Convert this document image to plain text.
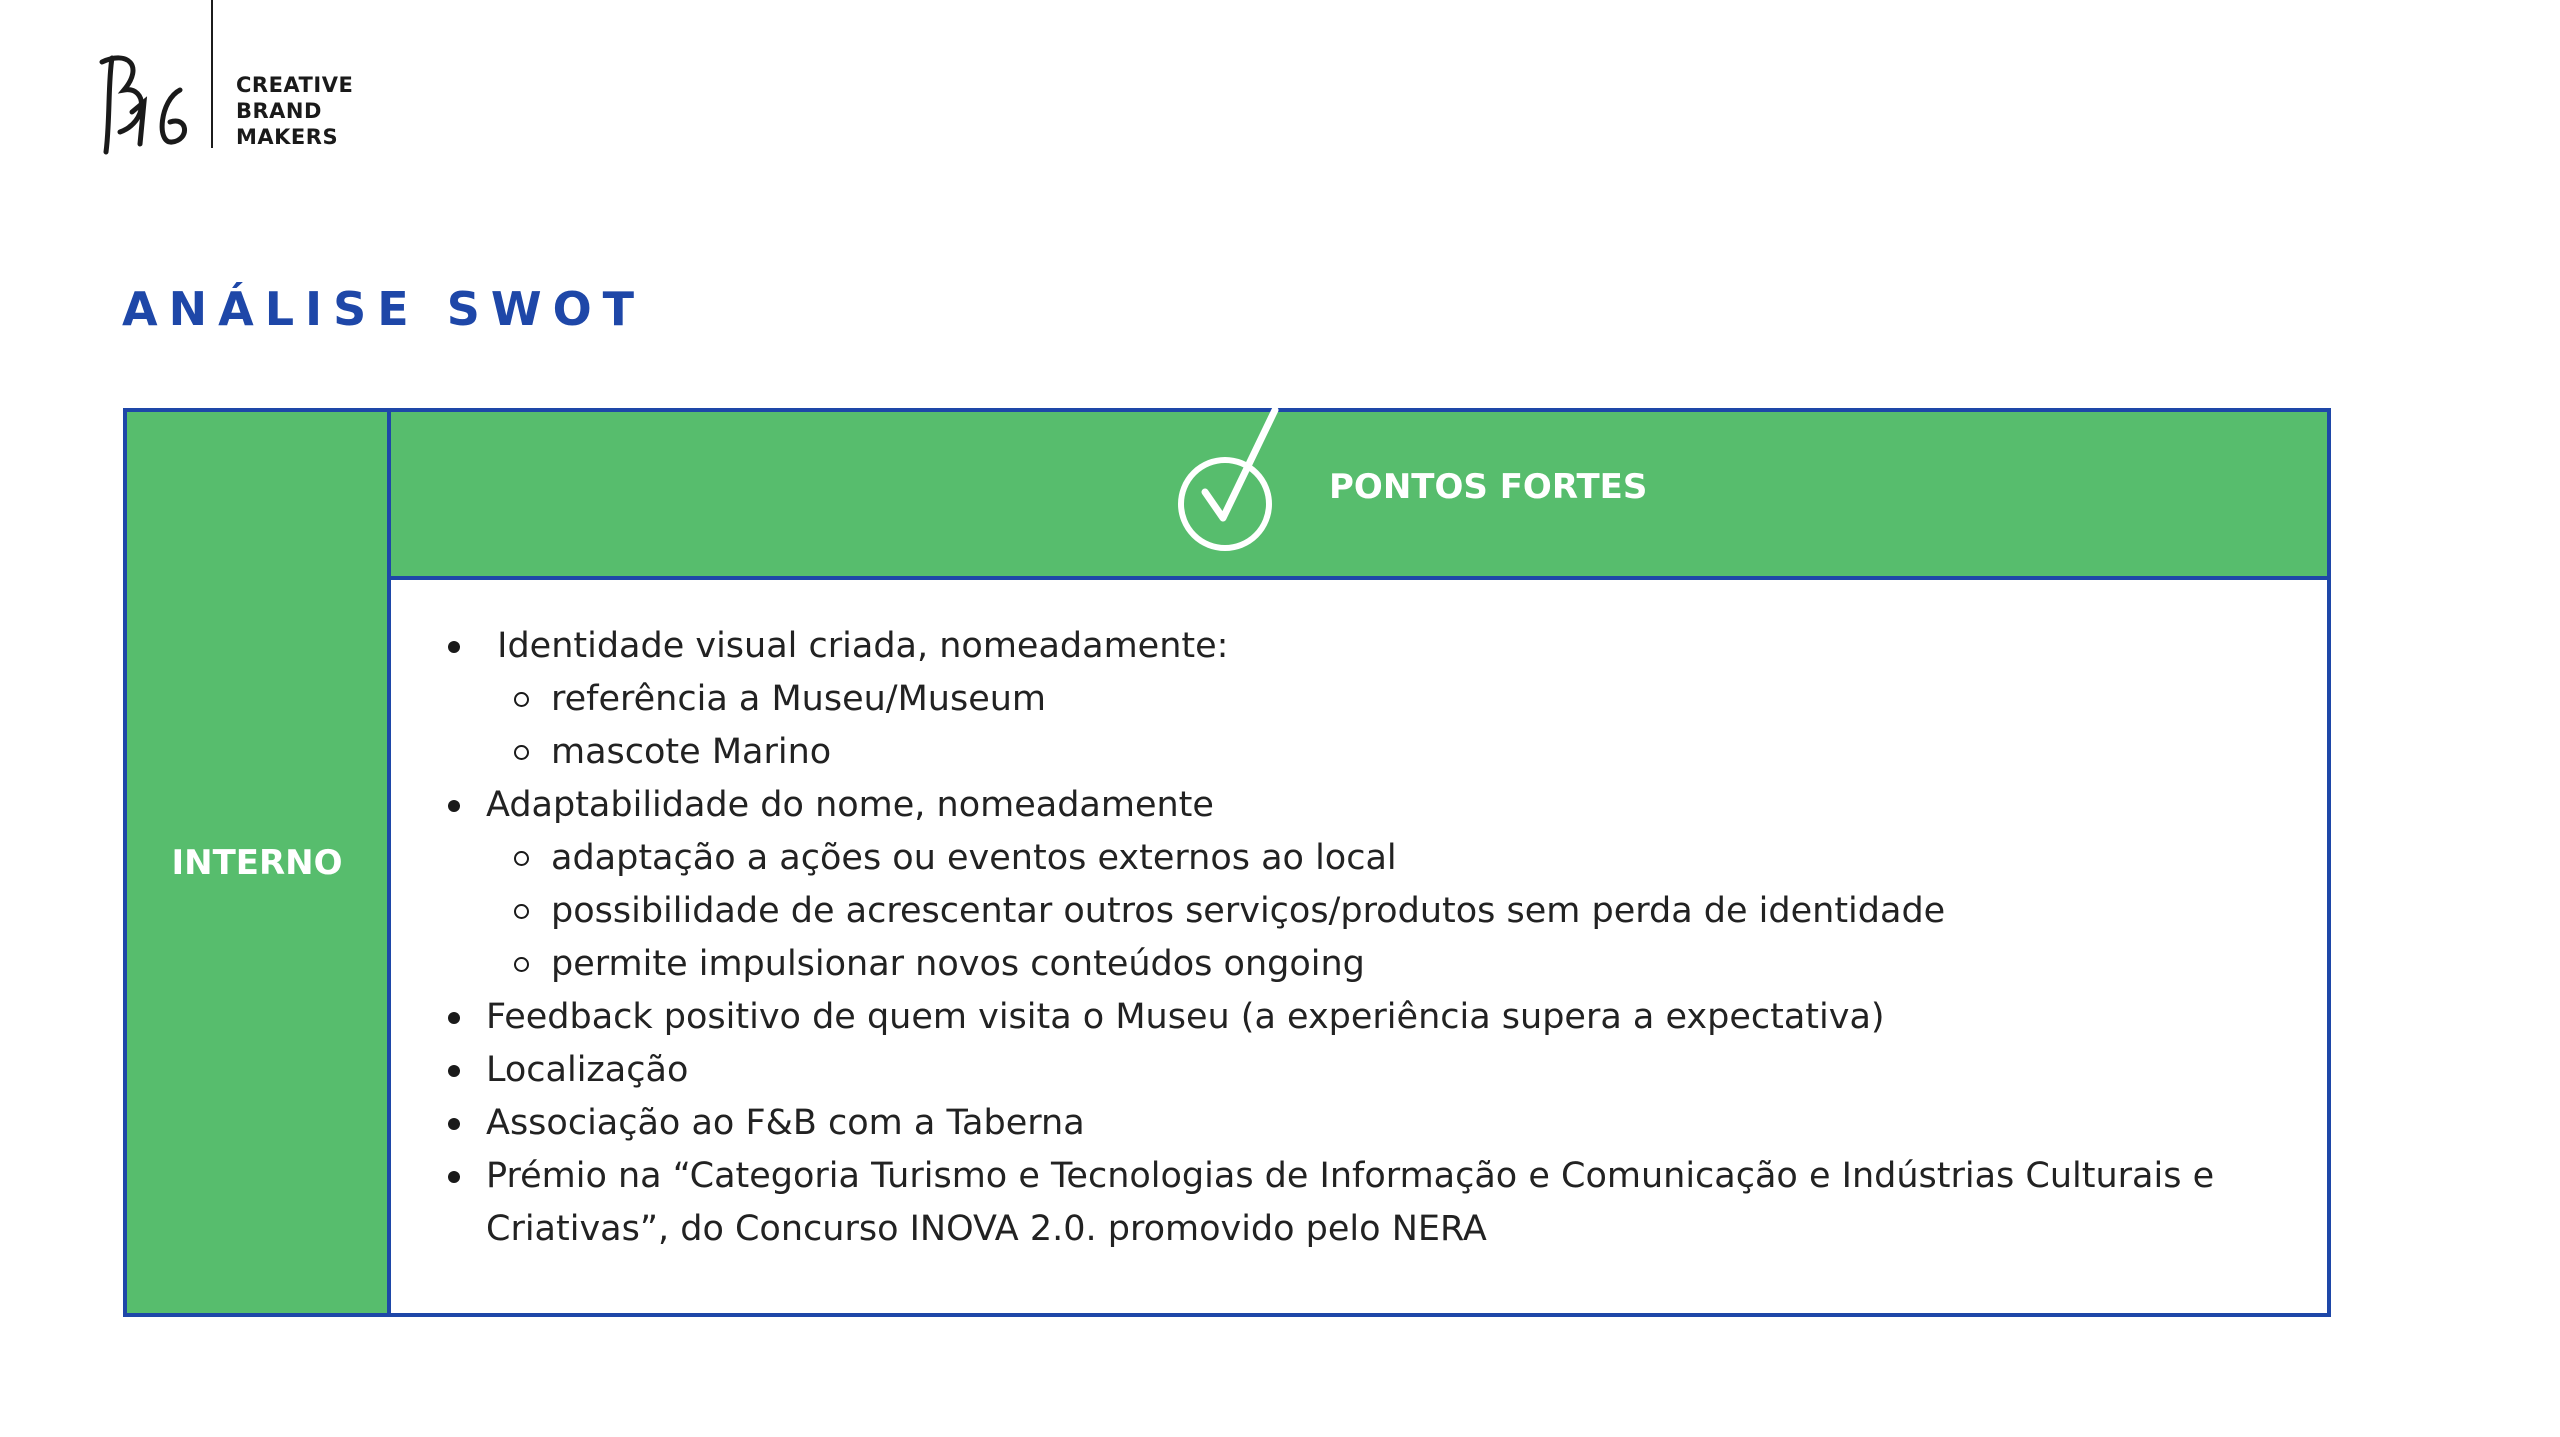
CREATIVE
BRAND
MAKERS
ANÁLISE SWOT
INTERNO
PONTOS FORTES
Identidade visual criada, nomeadamente:
referência a Museu/Museum
mascote Marino
Adaptabilidade do nome, nomeadamente
adaptação a ações ou eventos externos ao local
possibilidade de acrescentar outros serviços/produtos sem perda de identidade
permite impulsionar novos conteúdos ongoing
Feedback positivo de quem visita o Museu (a experiência supera a expectativa)
Localização
Associação ao F&B com a Taberna
Prémio na “Categoria Turismo e Tecnologias de Informação e Comunicação e Indústrias Culturais e Criativas”, do Concurso INOVA 2.0. promovido pelo NERA
